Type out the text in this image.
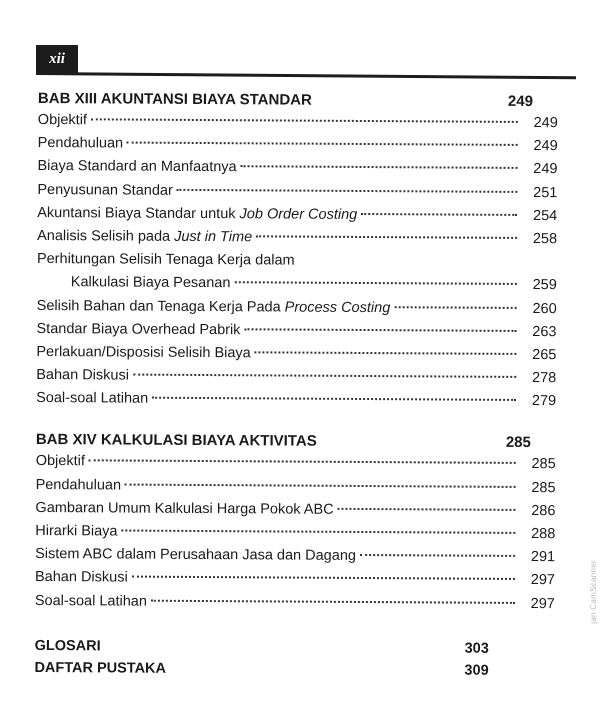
xii
BAB XIII AKUNTANSI BIAYA STANDAR	249
Objektif	249
Pendahuluan	249
Biaya Standard an Manfaatnya	249
Penyusunan Standar	251
Akuntansi Biaya Standar untuk Job Order Costing	254
Analisis Selisih pada Just in Time	258
Perhitungan Selisih Tenaga Kerja dalam
Kalkulasi Biaya Pesanan	259
Selisih Bahan dan Tenaga Kerja Pada Process Costing	260
Standar Biaya Overhead Pabrik	263
Perlakuan/Disposisi Selisih Biaya	265
Bahan Diskusi	278
Soal-soal Latihan	279
BAB XIV KALKULASI BIAYA AKTIVITAS	285
Objektif	285
Pendahuluan	285
Gambaran Umum Kalkulasi Harga Pokok ABC	286
Hirarki Biaya	288
Sistem ABC dalam Perusahaan Jasa dan Dagang	291
Bahan Diskusi	297
Soal-soal Latihan	297
GLOSARI	303
DAFTAR PUSTAKA	309
jan CamScanner
